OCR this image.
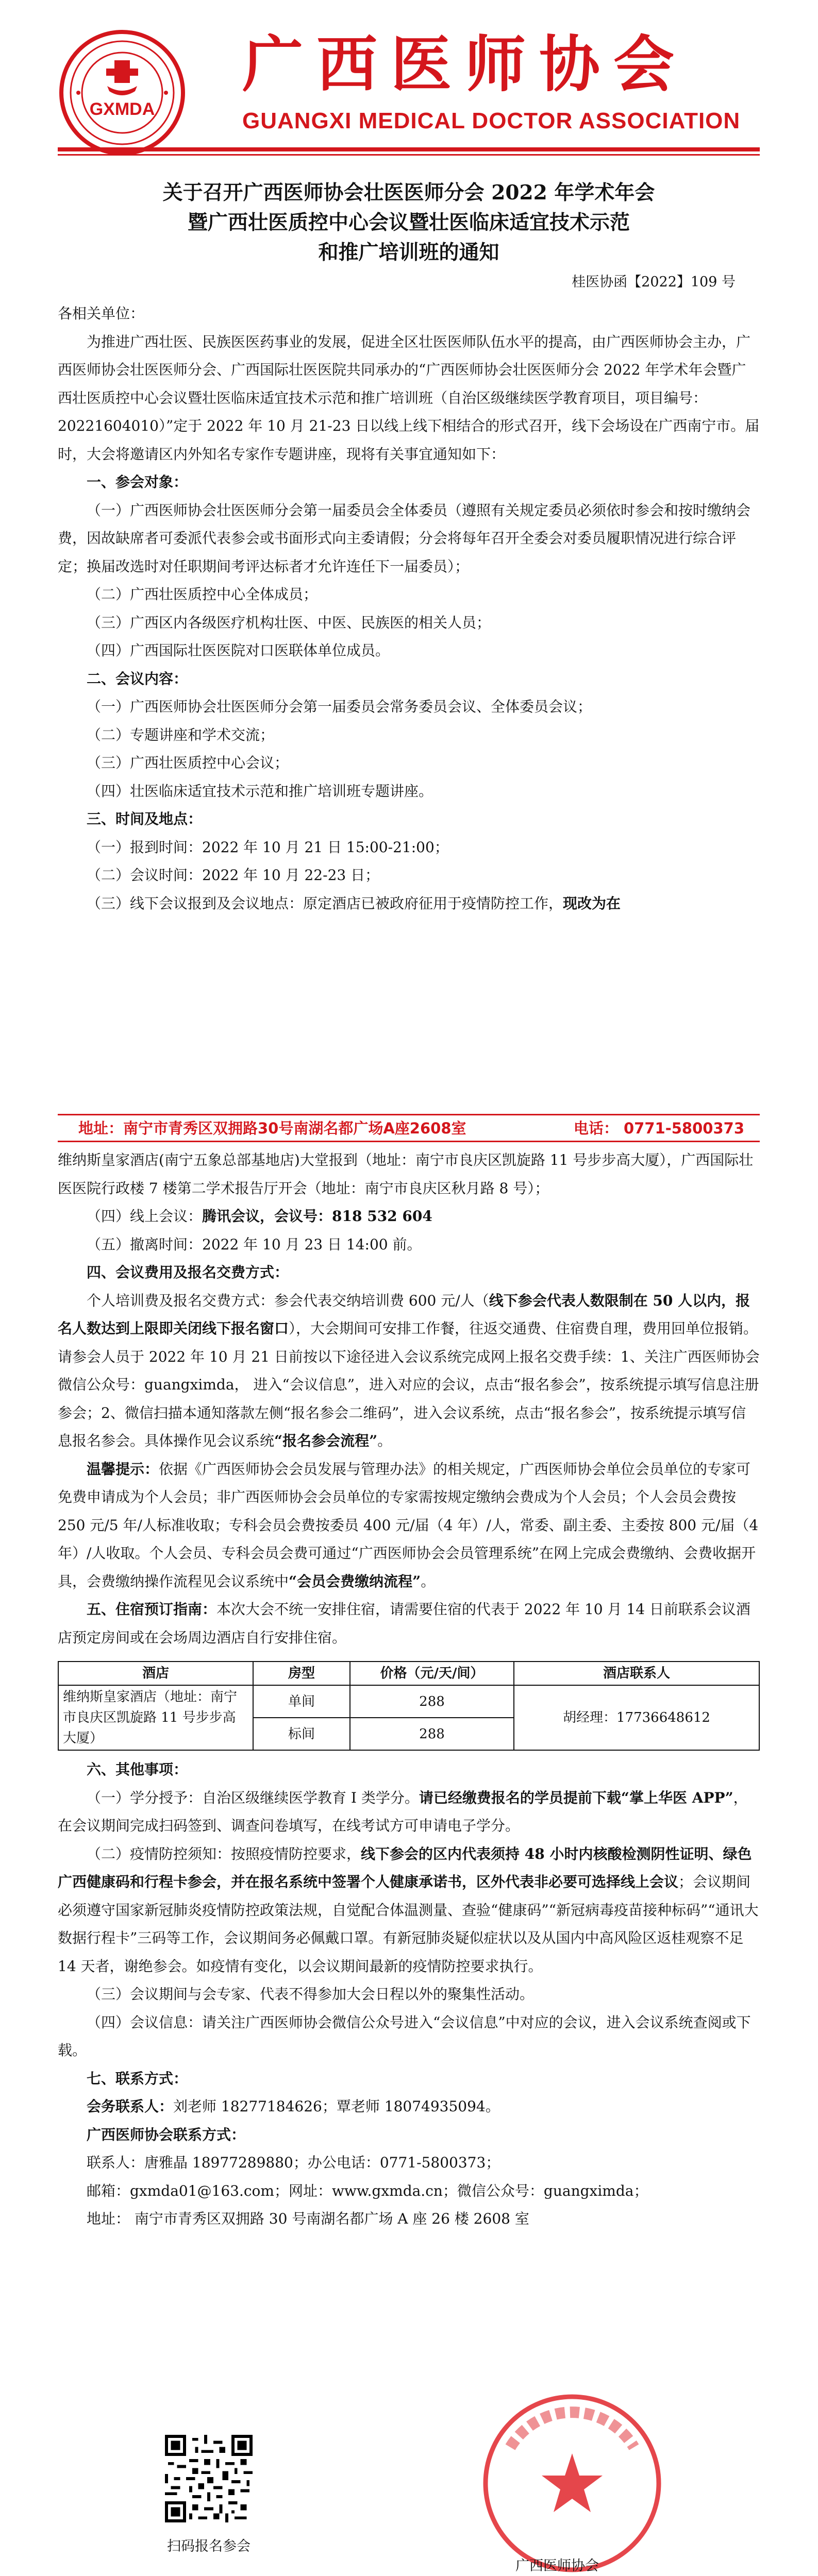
GXMDA
广西医师协会
GUANGXI MEDICAL DOCTOR ASSOCIATION
关于召开广西医师协会壮医医师分会 2022 年学术年会
暨广西壮医质控中心会议暨壮医临床适宜技术示范
和推广培训班的通知
桂医协函【2022】109 号

各相关单位：

为推进广西壮医、民族医医药事业的发展，促进全区壮医医师队伍水平的提高，由广西医师协会主办，广西医师协会壮医医师分会、广西国际壮医医院共同承办的“广西医师协会壮医医师分会 2022 年学术年会暨广西壮医质控中心会议暨壮医临床适宜技术示范和推广培训班（自治区级继续医学教育项目，项目编号：20221604010）”定于 2022 年 10 月 21-23 日以线上线下相结合的形式召开，线下会场设在广西南宁市。届时，大会将邀请区内外知名专家作专题讲座，现将有关事宜通知如下：

一、参会对象：

（一）广西医师协会壮医医师分会第一届委员会全体委员（遵照有关规定委员必须依时参会和按时缴纳会费，因故缺席者可委派代表参会或书面形式向主委请假；分会将每年召开全委会对委员履职情况进行综合评定；换届改选时对任职期间考评达标者才允许连任下一届委员）；

（二）广西壮医质控中心全体成员；

（三）广西区内各级医疗机构壮医、中医、民族医的相关人员；

（四）广西国际壮医医院对口医联体单位成员。

二、会议内容：

（一）广西医师协会壮医医师分会第一届委员会常务委员会议、全体委员会议；

（二）专题讲座和学术交流；

（三）广西壮医质控中心会议；

（四）壮医临床适宜技术示范和推广培训班专题讲座。

三、时间及地点：

（一）报到时间：2022 年 10 月 21 日 15:00-21:00；

（二）会议时间：2022 年 10 月 22-23 日；

（三）线下会议报到及会议地点：原定酒店已被政府征用于疫情防控工作，现改为在

地址：南宁市青秀区双拥路30号南湖名都广场A座2608室	电话： 0771-5800373

维纳斯皇家酒店(南宁五象总部基地店)大堂报到（地址：南宁市良庆区凯旋路 11 号步步高大厦），广西国际壮医医院行政楼 7 楼第二学术报告厅开会（地址：南宁市良庆区秋月路 8 号）；

（四）线上会议：腾讯会议，会议号：818 532 604

（五）撤离时间：2022 年 10 月 23 日 14:00 前。

四、会议费用及报名交费方式：

个人培训费及报名交费方式：参会代表交纳培训费 600 元/人（线下参会代表人数限制在 50 人以内，报名人数达到上限即关闭线下报名窗口），大会期间可安排工作餐，往返交通费、住宿费自理，费用回单位报销。请参会人员于 2022 年 10 月 21 日前按以下途径进入会议系统完成网上报名交费手续：1、关注广西医师协会微信公众号：guangximda， 进入“会议信息”，进入对应的会议，点击“报名参会”，按系统提示填写信息注册参会；2、微信扫描本通知落款左侧“报名参会二维码”，进入会议系统，点击“报名参会”，按系统提示填写信息报名参会。具体操作见会议系统“报名参会流程”。

温馨提示：依据《广西医师协会会员发展与管理办法》的相关规定，广西医师协会单位会员单位的专家可免费申请成为个人会员；非广西医师协会会员单位的专家需按规定缴纳会费成为个人会员；个人会员会费按 250 元/5 年/人标准收取；专科会员会费按委员 400 元/届（4 年）/人，常委、副主委、主委按 800 元/届（4 年）/人收取。个人会员、专科会员会费可通过“广西医师协会会员管理系统”在网上完成会费缴纳、会费收据开具，会费缴纳操作流程见会议系统中“会员会费缴纳流程”。

五、住宿预订指南：本次大会不统一安排住宿，请需要住宿的代表于 2022 年 10 月 14 日前联系会议酒店预定房间或在会场周边酒店自行安排住宿。

酒店	房型	价格（元/天/间）	酒店联系人
维纳斯皇家酒店（地址：南宁市良庆区凯旋路 11 号步步高大厦）	单间	288	胡经理：17736648612
	标间	288	

六、其他事项：

（一）学分授予：自治区级继续医学教育 I 类学分。请已经缴费报名的学员提前下载“掌上华医 APP”，在会议期间完成扫码签到、调查问卷填写，在线考试方可申请电子学分。

（二）疫情防控须知：按照疫情防控要求，线下参会的区内代表须持 48 小时内核酸检测阴性证明、绿色广西健康码和行程卡参会，并在报名系统中签署个人健康承诺书，区外代表非必要可选择线上会议；会议期间必须遵守国家新冠肺炎疫情防控政策法规，自觉配合体温测量、查验“健康码”“新冠病毒疫苗接种标码”“通讯大数据行程卡”三码等工作，会议期间务必佩戴口罩。有新冠肺炎疑似症状以及从国内中高风险区返桂观察不足 14 天者，谢绝参会。如疫情有变化，以会议期间最新的疫情防控要求执行。

（三）会议期间与会专家、代表不得参加大会日程以外的聚集性活动。

（四）会议信息：请关注广西医师协会微信公众号进入“会议信息”中对应的会议，进入会议系统查阅或下载。

七、联系方式：

会务联系人：刘老师 18277184626；覃老师 18074935094。

广西医师协会联系方式：

联系人：唐雅晶 18977289880；办公电话：0771-5800373；

邮箱：gxmda01@163.com；网址：www.gxmda.cn；微信公众号：guangximda；

地址： 南宁市青秀区双拥路 30 号南湖名都广场 A 座 26 楼 2608 室

扫码报名参会
广西医师协会
